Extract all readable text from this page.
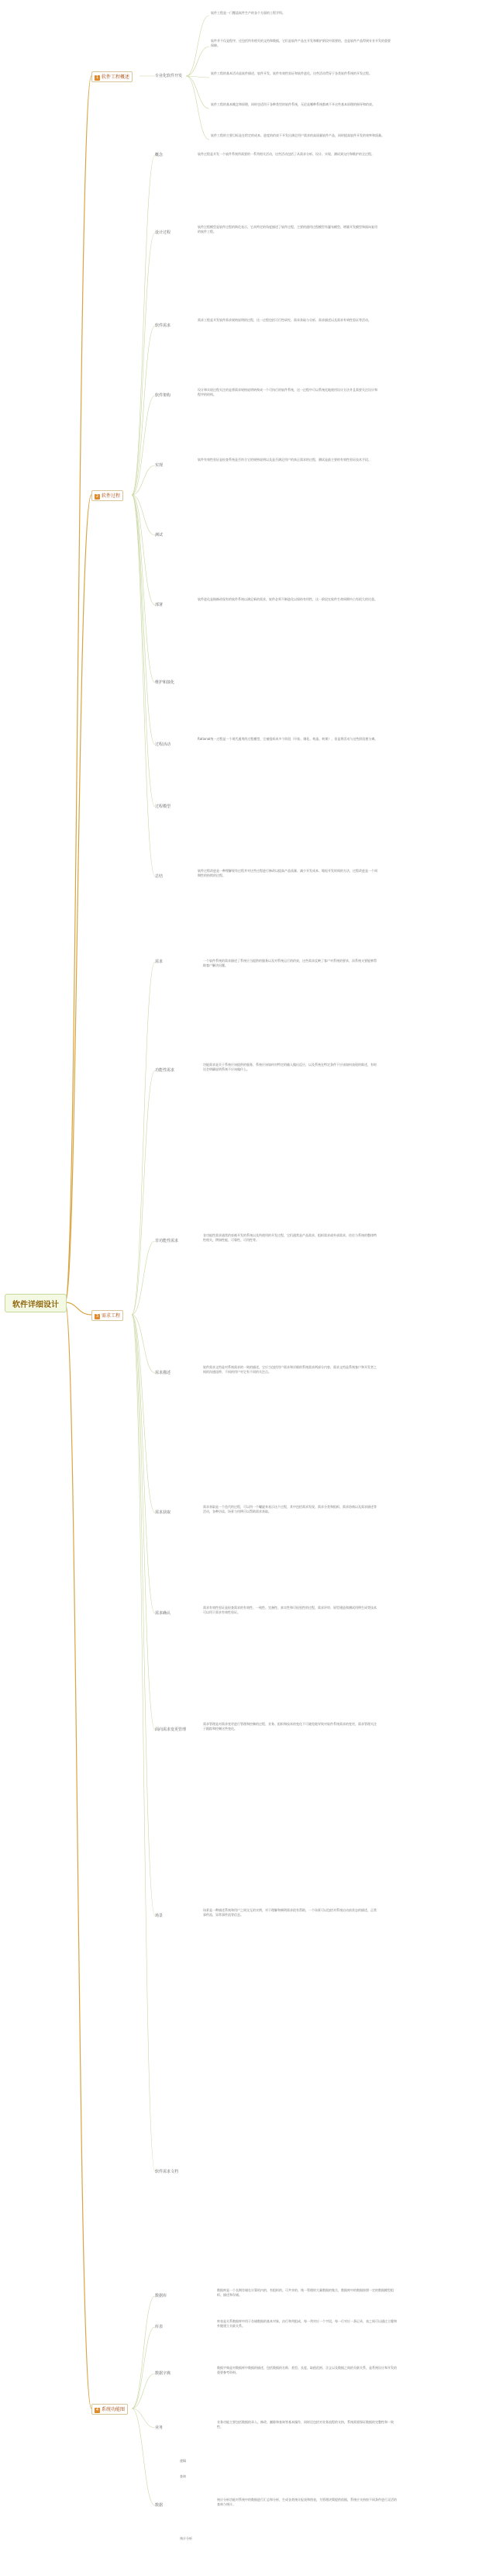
软件详细设计
1 软件工程概述
2 软件过程
3 需求工程
4 系统功能图
专业化软件开发
软件工程是一门覆盖软件生产的各个方面的工程学科。
软件并不仅是程序，还包括所有相关的文档和数据，它们是软件产品在开发和维护阶段中需要的，也是软件产品得到专业开发的重要保障。
软件工程的基本活动是软件描述、软件开发、软件有效性验证和软件进化，这些活动贯穿于各类软件系统的开发过程。
软件工程的基本概念和原理，同时也适用于各种类型的软件系统，无论是哪种系统都离不开这些基本原理的指导和约束。
软件工程的主要目标是在给定的成本、进度的约束下开发出满足用户需求的高质量软件产品，同时提高软件开发的效率和质量。
概念
设计过程
软件需求
软件架构
实现
测试
部署
维护和演化
过程活动
过程模型
总结
软件过程是开发一个软件系统所需要的一系列相关活动，这些活动包括了从需求分析、设计、实现、测试到交付和维护的全过程。
软件过程模型是软件过程的简化表示，它从特定的角度描述了软件过程，主要的通用过程模型有瀑布模型、增量开发模型和面向复用的软件工程。
需求工程是开发软件需求规格说明的过程，这一过程包括可行性研究、需求获取与分析、需求描述以及需求有效性验证等活动。
设计和实现过程关注的是将需求规格说明转换成一个可执行的软件系统，这一过程中可以系统化地使用设计方法并且需要关注设计和程序的结构。
软件有效性验证是检查系统是否符合它的规格说明以及是否满足用户的真正需求的过程，测试是最主要的有效性验证技术手段。
软件进化是指修改现有的软件系统以满足新的需求，软件必须不断进化以保持有用性，这一阶段在软件生命周期中占有很大的比重。
Rational统一过程是一个现代通用的过程模型，它被组织成多个阶段（开始、细化、构造、转换），但是将活动与这些阶段相分离。
软件过程改进是一种理解现有过程并对这些过程进行修改以提高产品质量、减少开发成本、缩短开发时间的方法，过程改进是一个周期性的持续的过程。
需求
功能性需求
非功能性需求
需求描述
需求获取
需求确认
面向需求变更管理
场景
软件需求文档
一个软件系统的需求描述了系统应当提供的服务以及对系统运行的约束，这些需求反映了客户对系统的要求，而系统又要能够帮助客户解决问题。
功能需求是关于系统应该提供的服务，系统应该如何对特定的输入做出反应，以及系统在特定条件下应该如何表现的陈述，有时还会明确说明系统不应该做什么。
非功能性需求通常约束被开发的系统以及所使用的开发过程，它们通常是产品需求、组织需求或外部需求，往往与系统的整体特性相关，例如性能、可靠性、可用性等。
软件需求文档是对系统需求的一致的描述，它应当包括用户需求和详细的系统需求两部分内容，需求文档是系统客户和开发者之间的沟通纽带，不同的用户对它有不同的关注点。
需求获取是一个迭代的过程，可以用一个螺旋来表示这个过程，其中包括需求发现、需求分类和组织、需求协商以及需求描述等活动，各种访谈、场景与用例可以帮助需求获取。
需求有效性验证是检查需求的有效性、一致性、完备性、真实性和可检验性的过程，需求评审、原型建造和测试用例生成等技术可以用于需求有效性验证。
需求管理是对需求变更进行管理和控制的过程，业务、组织和技术的变化不可避免地导致对软件系统需求的变更，需求管理关注于跟踪和控制这些变化。
场景是一种描述系统和用户之间交互的实例，对于理解和阐明需求很有帮助，一个场景可以包括对系统启动前状态的描述、正常事件流、异常事件流等信息。
数据库
库表
数据字典
业务
数据
逻辑
查询
统计分析
数据库是一个长期存储在计算机内的、有组织的、可共享的、统一管理的大量数据的集合，数据库中的数据按照一定的数据模型组织、描述和存储。
库表是关系数据库中用于存储数据的基本对象，由行和列组成，每一列对应一个字段，每一行对应一条记录，表之间可以通过主键和外键建立关联关系。
数据字典是对数据库中数据的描述，包括数据的名称、类型、长度、取值范围、含义以及数据之间的关联关系，是系统设计和开发的重要参考资料。
业务功能主要包括数据的录入、修改、删除和查询等基本操作，同时还包括对业务流程的支持，系统需要保证数据的完整性和一致性。
统计分析功能对系统中的数据进行汇总和分析，生成各类统计报表和图表，为管理决策提供依据，系统应支持按不同条件进行灵活的查询与统计。
